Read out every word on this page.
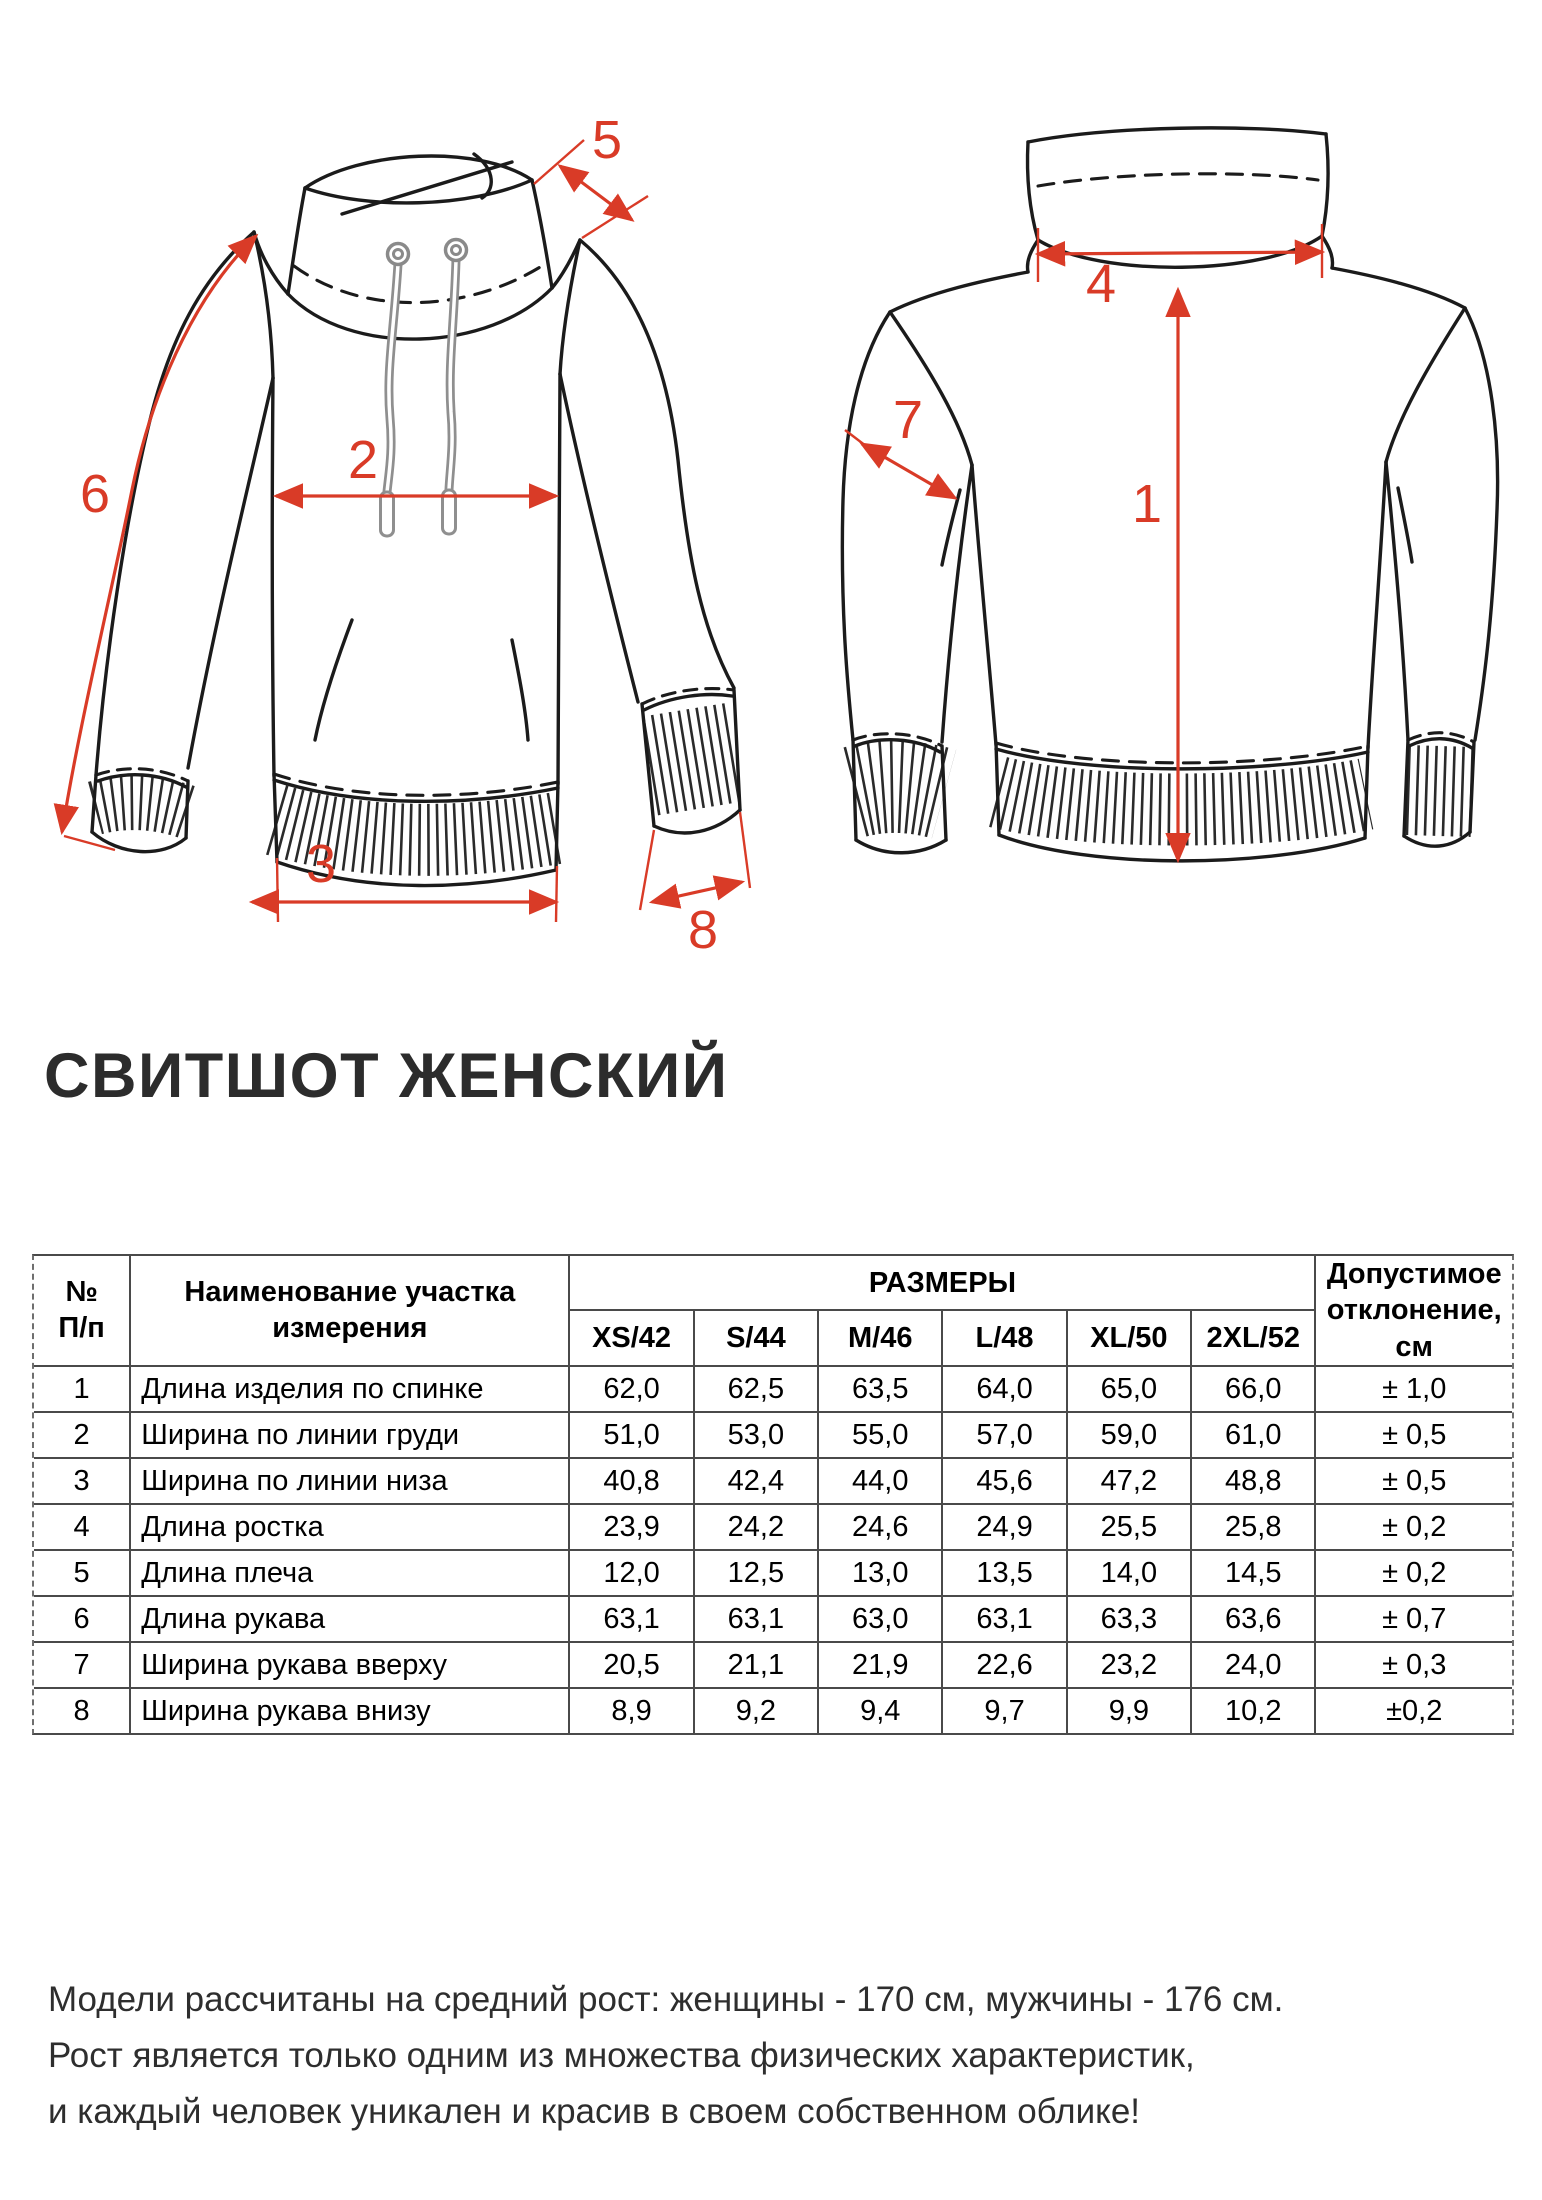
2
3
5
6
8
4
1
7
СВИТШОТ ЖЕНСКИЙ
№
П/п

Наименование участка
измерения
	РАЗМЕРЫ	Допустимое
отклонение, см

		XS/42	S/44	M/46	L/48	XL/50	2XL/52	
1	Длина изделия по спинке	62,0	62,5	63,5	64,0	65,0	66,0	± 1,0
2	Ширина по линии груди	51,0	53,0	55,0	57,0	59,0	61,0	± 0,5
3	Ширина по линии низа	40,8	42,4	44,0	45,6	47,2	48,8	± 0,5
4	Длина ростка	23,9	24,2	24,6	24,9	25,5	25,8	± 0,2
5	Длина плеча	12,0	12,5	13,0	13,5	14,0	14,5	± 0,2
6	Длина рукава	63,1	63,1	63,0	63,1	63,3	63,6	± 0,7
7	Ширина рукава вверху	20,5	21,1	21,9	22,6	23,2	24,0	± 0,3
8	Ширина рукава внизу	8,9	9,2	9,4	9,7	9,9	10,2	±0,2
Модели рассчитаны на средний рост: женщины - 170 см, мужчины - 176 см.
Рост является только одним из множества физических характеристик,
и каждый человек уникален и красив в своем собственном облике!
